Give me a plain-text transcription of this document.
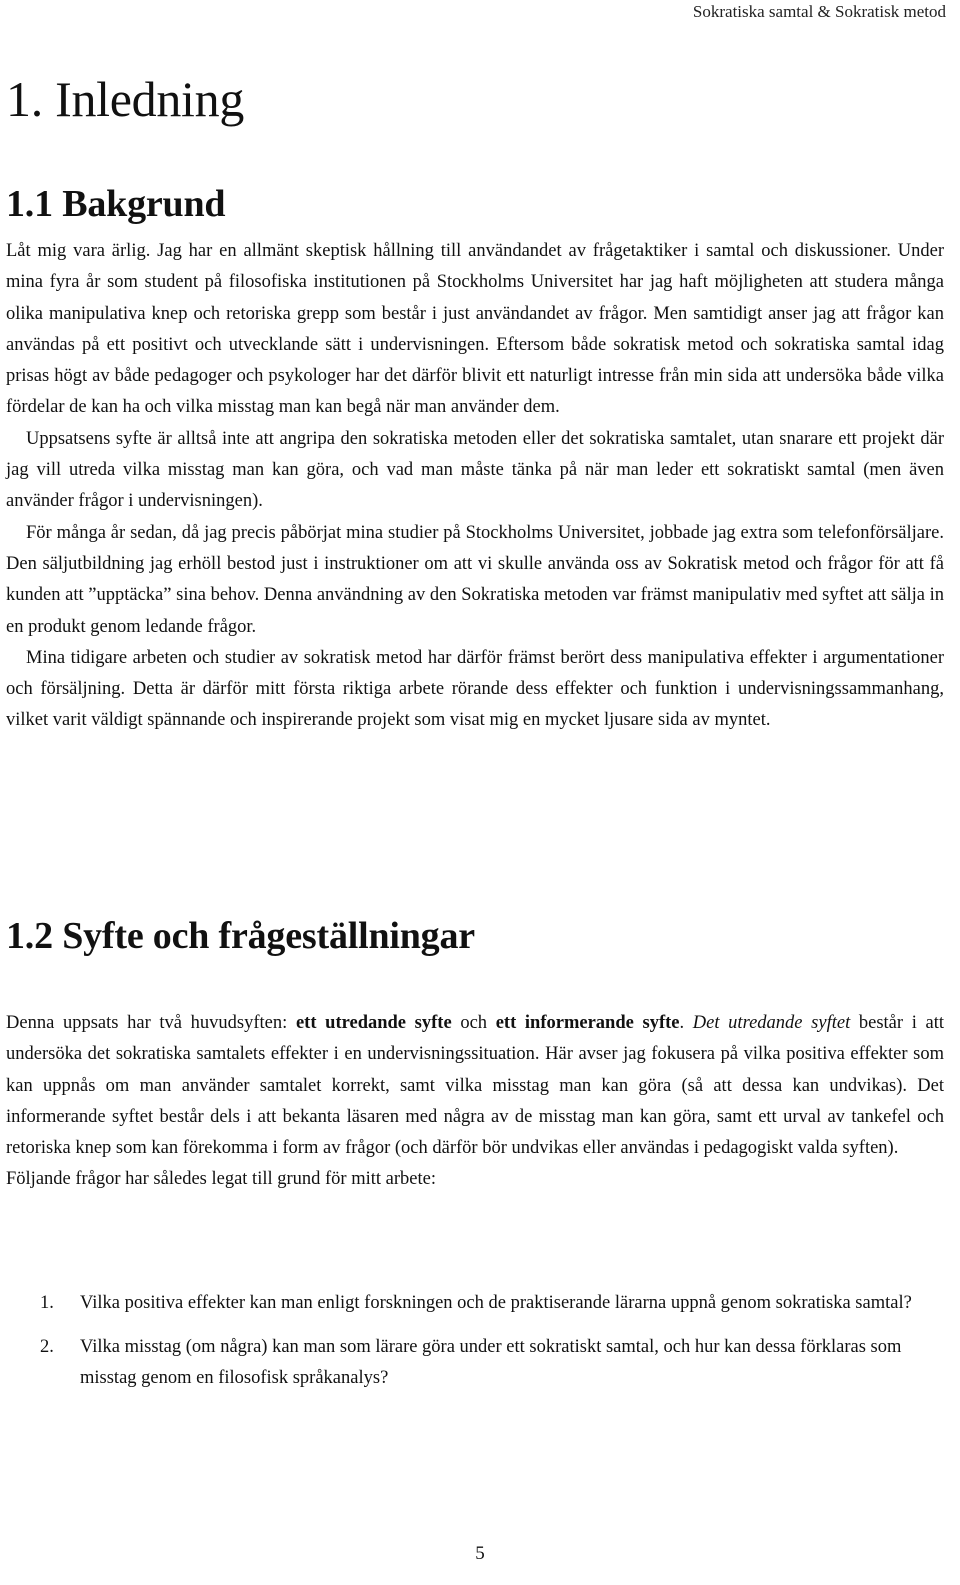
Sokratiska samtal & Sokratisk metod
1. Inledning
1.1 Bakgrund

Låt mig vara ärlig. Jag har en allmänt skeptisk hållning till användandet av frågetaktiker i samtal och diskussioner. Under mina fyra år som student på filosofiska institutionen på Stockholms Universitet har jag haft möjligheten att studera många olika manipulativa knep och retoriska grepp som består i just användandet av frågor. Men samtidigt anser jag att frågor kan användas på ett positivt och utvecklande sätt i undervisningen. Eftersom både sokratisk metod och sokratiska samtal idag prisas högt av både pedagoger och psykologer har det därför blivit ett naturligt intresse från min sida att undersöka både vilka fördelar de kan ha och vilka misstag man kan begå när man använder dem.

Uppsatsens syfte är alltså inte att angripa den sokratiska metoden eller det sokratiska samtalet, utan snarare ett projekt där jag vill utreda vilka misstag man kan göra, och vad man måste tänka på när man leder ett sokratiskt samtal (men även använder frågor i undervisningen).

För många år sedan, då jag precis påbörjat mina studier på Stockholms Universitet, jobbade jag extra som telefonförsäljare. Den säljutbildning jag erhöll bestod just i instruktioner om att vi skulle använda oss av Sokratisk metod och frågor för att få kunden att ”upptäcka” sina behov. Denna användning av den Sokratiska metoden var främst manipulativ med syftet att sälja in en produkt genom ledande frågor.

Mina tidigare arbeten och studier av sokratisk metod har därför främst berört dess manipulativa effekter i argumentationer och försäljning. Detta är därför mitt första riktiga arbete rörande dess effekter och funktion i undervisningssammanhang, vilket varit väldigt spännande och inspirerande projekt som visat mig en mycket ljusare sida av myntet.

1.2 Syfte och frågeställningar

Denna uppsats har två huvudsyften: ett utredande syfte och ett informerande syfte. Det utredande syftet består i att undersöka det sokratiska samtalets effekter i en undervisningssituation. Här avser jag fokusera på vilka positiva effekter som kan uppnås om man använder samtalet korrekt, samt vilka misstag man kan göra (så att dessa kan undvikas). Det informerande syftet består dels i att bekanta läsaren med några av de misstag man kan göra, samt ett urval av tankefel och retoriska knep som kan förekomma i form av frågor (och därför bör undvikas eller användas i pedagogiskt valda syften).

Följande frågor har således legat till grund för mitt arbete:

1. Vilka positiva effekter kan man enligt forskningen och de praktiserande lärarna uppnå genom sokratiska samtal?
2. Vilka misstag (om några) kan man som lärare göra under ett sokratiskt samtal, och hur kan dessa förklaras som misstag genom en filosofisk språkanalys?
5
